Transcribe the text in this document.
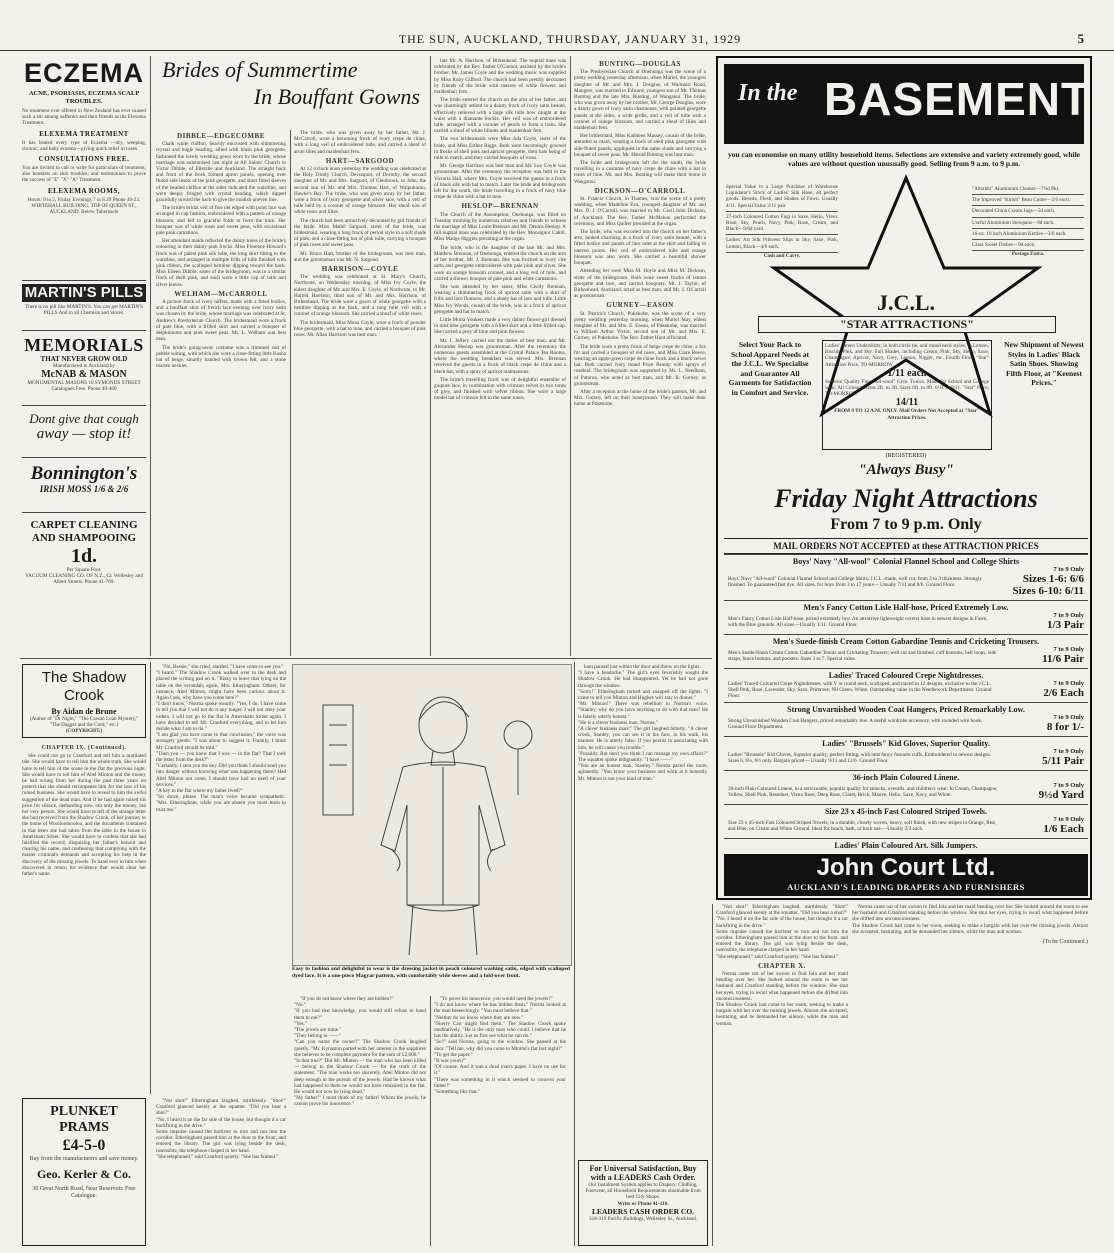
THE SUN, AUCKLAND, THURSDAY, JANUARY 31, 1929	5
ECZEMA
ACNE, PSORIASIS, ECZEMA SCALP TROUBLES.
No treatment ever offered in New Zealand has ever caused such a stir among sufferers and their friends as the Elexema Treatment.
ELEXEMA TREATMENT
It has healed every type of Eczema —dry, weeping, chronic, and baby eczema—giving quick relief in cases.
CONSULTATIONS FREE.
You are invited to call or write for particulars of treatment, also booklets on skin troubles, and testimonials to prove the success of "E" "X" "A" Treatment.
ELEXEMA ROOMS,
Hours: 9 to 5, Friday Evenings 7 to 8.30 Phone 40-23. WHITEHALL BUILDING, TOP OF QUEEN ST., AUCKLAND. Below Tabernacle
MARTIN'S PILLS
There is no pill like MARTIN'S. You can get MARTIN'S PILLS And in all Chemists and Stores.
MEMORIALS
THAT NEVER GROW OLD
Manufactured in Auckland by
McNAB & MASON
MONUMENTAL MASONS 10 SYMONDS STREET
Catalogues Free. Phone 40-460
Dont give that cough
away — stop it!
Bonnington's
IRISH MOSS 1/6 & 2/6
CARPET CLEANING
AND SHAMPOOING
1d.
Per Square Foot.
VACUUM CLEANING CO. OF N.Z., Cr. Wellesley and Albert Streets. Phone 41-769.
Brides of Summertime
In Bouffant Gowns
DIBBLE—EDGECOMBE

Chalk white chiffon, heavily encrusted with shimmering crystal and bugle beading, allied with blush pink georgette, fashioned the lovely wedding gown worn by the bride, whose marriage was solemnised last night at All Saints' Church to Victor Dibble, of Ellerslie and Auckland. The straight back and front of the frock formed apron panels, opening over fluted side insets of the pink georgette, and short fitted sleeves of the beaded chiffon at the sides indicated the waistline, and were deeply fringed with crystal beading, which dipped gracefully toward the back to give the modish uneven line.

The bride's bridal veil of fine net edged with point lace was arranged in cap fashion, embroidered with a pattern of orange blossom, and fell in graceful folds to form the train. Her bouquet was of white roses and sweet peas, with occasional pale pink carnations.

Her attendant maids reflected the dainty tones of the bride's colouring in their dainty pink frocks. Miss Florence Howard's frock was of palest pink silk tulle, the long skirt fitting to the waistline, and arranged in multiple frills of tulle finished with pink ribbon, the scalloped hemline dipping toward the back. Miss Eileen Dibble, sister of the bridegroom, was in a similar frock of shell pink, and each wore a little cap of tulle and silver leaves.

WELHAM—McCARROLL

A picture frock of ivory taffeta, made with a fitted bodice, and a bouffant skirt of french lace evening over ivory satin was chosen by the bride, whose marriage was celebrated at St. Andrew's Presbyterian Church. The bridesmaid wore a frock of pale blue, with a frilled skirt and carried a bouquet of delphiniums and pink sweet peas. Mr. L. Welham was best man.

The bride's going-away costume was a trimmed suit of pebble suiting, with which she wore a close-fitting little Kasha hat of beige, smartly banded with brown felt, and a stone marten necklet.

The bride, who was given away by her father, Mr. J. McCarroll, wore a becoming frock of ivory crepe de chine, with a long veil of embroidered tulle, and carried a sheaf of arum lilies and maidenhair fern.

HART—SARGOOD

At 12 o'clock noon yesterday the wedding was celebrated at the Holy Trinity Church, Devonport, of Dorothy, the second daughter of Mr. and Mrs. Sargood, of Glenbrook, to John, the second son of Mr. and Mrs. Thomas Hart, of Waipukurau, Hawke's Bay. The bride, who was given away by her father, wore a frock of ivory georgette and silver lace, with a veil of tulle held by a coronet of orange blossom. Her sheaf was of white roses and lilies.

The church had been attractively decorated by girl friends of the bride. Miss Mabel Sargood, sister of the bride, was bridesmaid, wearing a long frock of period style in a soft shade of pink, and a close-fitting hat of pink tulle, carrying a bouquet of pink roses and sweet peas.

Mr. Bruce Hart, brother of the bridegroom, was best man, and the groomsman was Mr. N. Sargood.

HARRISON—COYLE

The wedding was celebrated at St. Mary's Church, Northcote, on Wednesday morning, of Miss Ivy Coyle, the eldest daughter of Mr. and Mrs. E. Coyle, of Northcote, to Mr. Harold Harrison, third son of Mr. and Mrs. Harrison, of Birkenhead. The bride wore a gown of white georgette with a hemline dipping at the back, and a long tulle veil with a coronet of orange blossom. She carried a sheaf of white roses.

The bridesmaid, Miss Mona Coyle, wore a frock of powder blue georgette, with a hat to tone, and carried a bouquet of pink roses. Mr. Allan Harrison was best man.

late Mr. A. Harrison, of Birkenhead. The nuptial mass was celebrated by the Rev. Father O'Connor, assisted by the bride's brother. Mr. James Coyle and the wedding music was supplied by Miss Ruby Gifford. The church had been prettily decorated by friends of the bride with masses of white flowers and maidenhair fern.

The bride entered the church on the arm of her father, and was charmingly attired in a dainty frock of ivory satin beauté, effectively relieved with a large silk tulle bow caught at the waist with a diamante buckle. Her veil was of embroidered tulle, arranged with a coronet of pearls to form a train. She carried a sheaf of white liliums and maidenhair fern.

The two bridesmaids were Miss Ada Coyle, sister of the bride, and Miss Esther Riggs. Both were becomingly gowned in frocks of shell pink and apricot georgette, their hats being of tulle to match, and they carried bouquets of roses.

Mr. George Harrison was best man and Mr. Leo Coyle was groomsman. After the ceremony the reception was held in the Victoria Hall, where Mrs. Coyle received the guests in a frock of black silk with hat to match. Later the bride and bridegroom left for the south, the bride travelling in a frock of navy blue crepe de chine with a hat to tone.

HESLOP—BRENNAN

The Church of the Assumption, Onehunga, was filled on Tuesday morning by numerous relatives and friends to witness the marriage of Miss Louie Brennan and Mr. Dennis Heslop. A full nuptial mass was celebrated by the Rev. Monsignor Cahill. Miss Madge Higgins presiding at the organ.

The bride, who is the daughter of the late Mr. and Mrs. Matthew Brennan, of Onehunga, entered the church on the arm of her brother, Mr. J. Brennan. She was frocked in ivory cire satin and georgette embroidered with pale pink and silver. She wore an orange blossom coronet, and a long veil of tulle, and carried a shower bouquet of pale pink and white carnations.

She was attended by her sister, Miss Cecily Brennan, wearing a shimmering frock of apricot satin with a skirt of frills and lace flounces, and a shady hat of lace and tulle. Little Miss Ivy Woods, cousin of the bride, was in a frock of apricot georgette and hat to match.

Little Moira Yonkers made a very dainty flower-girl dressed in mist blue georgette with a frilled skirt and a little frilled cap. She carried a posy of blue and pink flowers.

Mr. J. Jeffery carried out the duties of best man, and Mr. Alexander Heslop was groomsman. After the ceremony the numerous guests assembled at the Crystal Palace Tea Rooms, where the wedding breakfast was served. Mrs. Brennan received the guests in a frock of black crepe de chine and a black hat, with a spray of apricot malmaisons.

The bride's travelling frock was of delightful ensemble of guipure lace, in combination with crimson velvet in two tones of grey, and finished with velvet ribbon. She wore a large model hat of crimson felt in the same tones.

BUNTING—DOUGLAS

The Presbyterian Church at Onehunga was the scene of a pretty wedding yesterday afternoon, when Muriel, the youngest daughter of Mr. and Mrs. J. Douglas, of Waimairi Road, Mangere, was married to Edward, youngest son of Mr. Thomas Bunting and the late Mrs. Bunting, of Wanganui. The bride, who was given away by her brother, Mr. George Douglas, wore a dainty gown of ivory satin charmeuse, with pointed georgette panels at the sides, a wide girdle, and a veil of tulle with a coronet of orange blossom, and carried a sheaf of lilies and maidenhair fern.

Her bridesmaid, Miss Kathleen Massey, cousin of the bride, attended as maid, wearing a frock of shell pink georgette with side-fluted panels, appliquéd in the same shade and carrying a bouquet of sweet peas. Mr. Harold Bunting was best man.

The bride and bridegroom left for the south, the bride travelling in a costume of navy crepe de chine with a hat in tones of blue. Mr. and Mrs. Bunting will make their home in Wanganui.

DICKSON—O'CARROLL

St. Francis' Church, in Thames, was the scene of a pretty wedding, when Madeline Eva, youngest daughter of Mr. and Mrs. D. J. O'Carroll, was married to Mr. Cecil John Dickson, of Auckland. The Rev. Father McMahon performed the ceremony, and Miss Quilter presided at the organ.

The bride, who was escorted into the church on her father's arm, looked charming in a frock of ivory satin beauté, with a fitted bodice and panels of lace inlet at the skirt and falling in uneven points. Her veil of embroidered tulle and orange blossom was also worn. She carried a beautiful shower bouquet.

Attending her were Miss M. Hoyle and Miss M. Dickson, sister of the bridegroom. Both wore sweet frocks of lemon georgette and lace, and carried bouquets. Mr. J. Taylor, of Birkenhead, Auckland, acted as best man, and Mr. J. O'Carroll as groomsman.

GURNEY—EASON

St. Patrick's Church, Pukekohe, was the scene of a very pretty wedding yesterday morning, when Muriel May, eldest daughter of Mr. and Mrs. E. Eason, of Pukekohe, was married to William Arthur Victor, second son of Mr. and Mrs. E. Gurney, of Pukekohe. The Rev. Father Hunt officiated.

The bride wore a pretty frock of beige crepe de chine, a fox fur and carried a bouquet of red roses, and Miss Clare Reeve, wearing an apple-green crepe de chine frock and a black velvet hat. Both carried ivory toned Prize Beauty with sprays of rosebud. The bridegroom was supported by Mr. L. Needham, of Paturoa, who acted as best man, and Mr. R. Gurney, as groomsman.

After a reception at the home of the bride's parents, Mr. and Mrs. Gurney, left on their honeymoon. They will make their home at Pukekohe.

The Shadow Crook
By Aidan de Brune
(Author of "Dr Night," "The Carson Loan Mystery," "The Dagger and the Cord," etc.)
(COPYRIGHT.)
CHAPTER IX. (Continued).

She could not go to Cranford and tell him a mutilated tale. She would have to tell him the whole truth. She would have to tell him of the scene in the flat the previous night. She would have to tell him of Abel Minton and the money he had wrung from her during the past three years on pretext that she should recompense him for the loss of his ruined business. She would have to reveal to him the awful suggestion of the dead man. And if he had again raised his price for silence, demanding now, not only the money, but her very person. She would have to tell of the strange letter she had received from the Shadow Crook, of her journey to the home of Woolloomooloo, and the documents contained in that letter she had taken from the table in the house in Amersham Street. She would have to confess that she had falsified the record, disguising her father's honour and clearing his name, and confessing that complying with the master criminal's demands and accepting his help in the discovery of the missing jewels. To hand over to him when discovered in return for evidence that would clear her father's name.

"No, Bessie," she cried, startled. "I have come to see you."
"I heard." The Shadow Crook walked over to the desk and placed the writing pad on it. "Risky to leave that lying on the table on the verandah, again, Mrs. Etheringham. Others, for instance, Abel Minton, might have been curious about it. Again I ask, why have you come here?"
"I don't know," Norma spoke wearily. "Yes, I do. I have come to tell you that I will not do it any longer. I will not obey your orders. I will not go to the flat in Amersham Street again. I have decided to tell Mr. Cranford everything, and to let him decide what I am to do."
"I am glad you have come to that conclusion," the voice was strangely gentle. "I was about to suggest it. Frankly, I think Mr. Cranford should be told."
"Then you — you knew that I was — in the flat? That I took the letter from the desk?"
"Certainly. I sent you the key. Did you think I should send you into danger without knowing what was happening there? Had Abel Minton not come, I should have had no need of your services."
"A key to the flat where my father lived?"
"Sit down, please. The man's voice became sympathetic. "Mrs. Etheringham, while you are absent you must learn to trust me."

Easy to fashion and delightful to wear is the dressing jacket in peach coloured washing satin, edged with scalloped dyed lace. It is a one-piece Magyar pattern, with comfortably wide sleeves and a fold-over front.

"If you do not know where they are hidden?"
"No."
"If you had that knowledge, you would still refuse to hand them to me?"
"Yes."
"The jewels are mine."
"They belong to ——"
"Can you name the owner?" The Shadow Crook laughed quietly. "Mr. Kynaston parted with her interest in the sapphires she believes to be complete payment for the sum of £2,000."
"Is that true?" Did Mr. Minton — the man who has been killed — belong to the Shadow Crook — for the truth of the statement. "The man works too sincerely. Abel Minton did not deep enough in the pursuit of the jewels. Had he known what had happened to them he would not have remained in the flat. He would not now be lying dead."
"My father!" I must think of my father! Whom the jewels, he cannot prove his innocence."

"To prove his innocence, you would need the jewels?"
"I do not know where he has hidden them." Norma looked at the man beseechingly. "You must believe that."
"Neither do we know where they are now."
"Sherry Carr might find them." The Shadow Crook spoke meditatively. "He is the only man who could. I believe that he has the ability. Let us first see what he can do."
"So?" said Norma, going to the window. She paused at the door. "Tell me, why did you come to Minton's flat last night?"
"To get the paper."
"It was yours?"
"Of course. And it was a dead man's paper. I have no use for it."
"There was something in it which seemed to concern your father?"
"Something like that."

ham paused just within the door and threw on the lights.
"I have a headache." The girl's eyes feverishly sought the Shadow Crook. He had disappeared. Yet he had not gone through the window.
"Sorry!" Etheringham turned and snapped off the lights. "I came to tell you Minton and Hughes will stay to dinner."
"Mr. Minton!" There was rebellion in Norma's voice. "Stanley, why do you have anything to do with that man? He is falsely utterly honest."
"He is a clever business man, Norma."
"A clever business man!" The girl laughed bitterly. "A clever crook, Stanley, you can see it in his face, in his walk, his manner. He is utterly false. If you persist in associating with him, he will cause you trouble."
"Possibly. But don't you think I can manage my own affairs?" The squatter spoke indignantly. "I have ——"
"You are an honest man, Stanley." Norma paced the room, agitatedly. "You know your business and work at it honestly. Mr. Minton is not your kind of man."

For Universal Satisfaction, Buy with a LEADERS Cash Order.
Our Instalment System applies to Drapery, Clothing, Footwear, all Household Requirements obtainable from best City Shops.
Write or Phone 41-116.
LEADERS CASH ORDER CO.
318-319 Pacific Buildings, Wellesley St., Auckland.
PLUNKET PRAMS
£4-5-0
Buy from the manufacturers and save money.
Geo. Kerler & Co.
30 Great North Road, Near Reservoir. Free Catalogue.

"Not shot!" Etheringham laughed, mirthlessly. "Shot!" Cranford glanced keenly at the squatter. "Did you hear a shot?"
"No. I heard it on the far side of the house, but thought it a car backfiring in the drive."
Some impulse caused the barrister to turn and run into the corridor. Etheringham passed him at the door to the front, and entered the library. The girl was lying beside the desk, insensible, the telephone clasped in her hand.
"She telephoned," said Cranford quietly. "She has fainted."

"Not shot!" Etheringham laughed, mirthlessly. "Shot!" Cranford glanced keenly at the squatter. "Did you hear a shot?"
"No. I heard it on the far side of the house, but thought it a car backfiring in the drive."
Some impulse caused the barrister to turn and run into the corridor. Etheringham passed him at the door to the front, and entered the library. The girl was lying beside the desk, insensible, the telephone clasped in her hand.
"She telephoned," said Cranford quietly. "She has fainted."

CHAPTER X.

Norma came out of her swoon to find Iola and her maid bending over her. She looked around the room to see her husband and Cranford standing before the window. She shut her eyes, trying to recall what happened before she drifted into unconsciousness.
The Shadow Crook had come to her room, seeking to make a bargain with her over the missing jewels. Almost she accepted, hesitating, and he demanded her silence, while the man and woman.

Norma came out of her swoon to find Iola and her maid bending over her. She looked around the room to see her husband and Cranford standing before the window. She shut her eyes, trying to recall what happened before she drifted into unconsciousness.
The Shadow Crook had come to her room, seeking to make a bargain with her over the missing jewels. Almost she accepted, hesitating, and he demanded her silence, while the man and woman.

(To be Continued.)
In the BASEMENT
you can economise on many utility household items. Selections are extensive and variety extremely good, while values are without question unusually good. Selling from 9 a.m. to 9 p.m.
Special Value in a Large Purchase of Warehouse Liquidator's Stock of Ladies' Silk Hose, all perfect goods. Reseda, Flesh, and Shades of Fawn. Usually 4/11. Special Value 2/11 pair.
27-inch Coloured Cotton Fugi in Saxe, Helio, Vieux Rose, Sky, Peach, Navy, Pink, Rose, Cream, and Black—9/6d yard.
Ladies' Art Silk Princess Slips in Sky, Saxe, Pink, Lemon, Black—4/6 each.
Cash and Carry.
"Abraldo" Aluminium Cleaner—7½d Pkt.
The Improved "Kirish" Bean Cutter—2/6 each.
Decorated China Cream Jugs—5d each.
Useful Aluminium Stewpans—9d each.
16-oz. 10 inch Aluminium Kettles—3/6 each.
Glass Sweet Dishes—9d each.
Postage Extra.
J.C.L.
"STAR ATTRACTIONS"
Select Your Back to School Apparel Needs at the J.C.L. We Specialise and Guarantee All Garments for Satisfaction in Comfort and Service.
New Shipment of Newest Styles in Ladies' Black Satin Shoes. Showing Fifth Floor, at "Keenest Prices."
Ladies' Sateen Underskirts; in both circle tie, and round neck styles, in Lemon, Biscuit, Pink, and Sky. Full Shades, including Cream, Pink, Sky, Helio, Saxe, Champagne, Apricot, Navy, Grey, Lemon, Nigger, etc. Fourth Floor. "Star" Attraction Price, TO-MORROW
1/11 each
Superior Quality Fine "All-wool" Gym. Tunics. Made for School and College wear. All Colours. Sizes 2ft. to 3ft. Sizes 6ft. to 8ft. 6/11 to 9/11. "Star" Price, TO-MORROW
14/11
FROM 9 TO 12 A.M. ONLY. Mail Orders Not Accepted at "Star" Attraction Prices.
(REGISTERED)
"Always Busy"
Friday Night Attractions
From 7 to 9 p.m. Only
MAIL ORDERS NOT ACCEPTED at these ATTRACTION PRICES
Boys' Navy "All-wool" Colonial Flannel School and College Shirts
Boys' Navy "All-wool" Colonial Flannel School and College Shirts; J.C.L.-made, well cut, from 2 to 3 thickness. Strongly finished. To guaranteed fast dye. All sizes, for boys from 3 to 17 years— Usually 7/11 and 8/6. Ground Floor.
7 to 9 Only
Sizes 1-6: 6/6 Sizes 6-10: 6/11
Men's Fancy Cotton Lisle Half-hose, Priced Extremely Low.
Men's Fancy Cotton Lisle Half-hose, priced extremely low. An attractive lightweight correct hose in newest designs in Fawn, with the Blue grounds. All sizes—Usually 1/11. Ground Floor.
7 to 9 Only
1/3 Pair
Men's Suede-finish Cream Cotton Gabardine Tennis and Cricketing Trousers.
Men's Suede-finish Cream Cotton Gabardine Tennis and Cricketing Trousers; well cut and finished, cuff bottoms, belt loops, side straps, brace buttons, and pockets. Sizes 3 to 7. Special value.
7 to 9 Only
11/6 Pair
Ladies' Traced Coloured Crepe Nightdresses.
Ladies' Traced Coloured Crepe Nightdresses, with V or round neck, scalloped, and traced in 12 designs, exclusive to the J.C.L. Shell Pink, Rose, Lavender, Sky, Saxe, Primrose, Nil Green, White. Outstanding value in the Needlework Department. Ground Floor.
7 to 9 Only
2/6 Each
Strong Unvarnished Wooden Coat Hangers, Priced Remarkably Low.
Strong Unvarnished Wooden Coat Hangers, priced remarkably low. A useful wardrobe accessory, with rounded wire hook. Ground Floor Department.
7 to 9 Only
8 for 1/-
Ladies' "Brussels" Kid Gloves, Superior Quality.
Ladies' "Brussels" Kid Gloves, Superior quality; perfect fitting, with neat fancy forearm cuffs. Embroidered in newest designs. Sizes 6, 6¼, 6½ only. Bargain priced— Usually 9/11 and 12/6. Ground Floor.
7 to 9 Only
5/11 Pair
36-inch Plain Coloured Linene.
36-inch Plain Coloured Linene, in a serviceable, popular quality for smocks, overalls, and children's wear. In Cream, Champagne, Yellow, Shell Pink, Reseduet, Vieux Rose, Deep Rose, Claret, Brick, Mauve, Helio, Saxe, Navy, and White.
7 to 9 Only
9½d Yard
Size 23 x 45-inch Fast Coloured Striped Towels.
Size 23 x 45-inch Fast Coloured Striped Towels; in a durable, closely woven, heavy, soft finish, with new stripes in Orange, Red, and Blue, on Cream and White Ground. Ideal for beach, bath, or back use.—Usually 2/3 each.
7 to 9 Only
1/6 Each
Ladies' Plain Coloured Art. Silk Jumpers.
John Court Ltd.
AUCKLAND'S LEADING DRAPERS AND FURNISHERS
